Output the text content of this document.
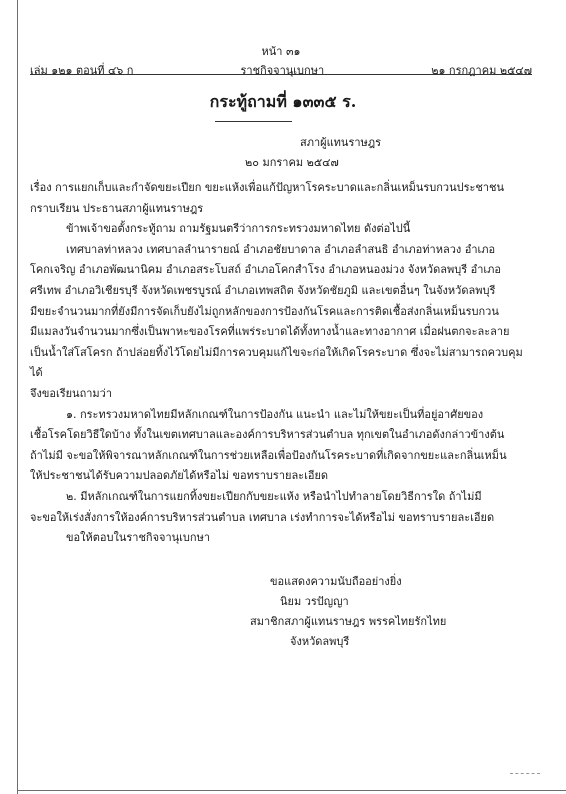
หน้า ๓๑
เล่ม ๑๒๑ ตอนที่ ๔๖ ก	ราชกิจจานุเบกษา	๒๑ กรกฎาคม ๒๕๔๗
กระทู้ถามที่ ๑๓๓๕ ร.
สภาผู้แทนราษฎร
๒๐ มกราคม ๒๕๔๗

เรื่อง การแยกเก็บและกำจัดขยะเปียก ขยะแห้งเพื่อแก้ปัญหาโรคระบาดและกลิ่นเหม็นรบกวนประชาชน

กราบเรียน ประธานสภาผู้แทนราษฎร

ข้าพเจ้าขอตั้งกระทู้ถาม ถามรัฐมนตรีว่าการกระทรวงมหาดไทย ดังต่อไปนี้

เทศบาลท่าหลวง เทศบาลลำนารายณ์ อำเภอชัยบาดาล อำเภอลำสนธิ อำเภอท่าหลวง อำเภอ

โคกเจริญ อำเภอพัฒนานิคม อำเภอสระโบสถ์ อำเภอโคกสำโรง อำเภอหนองม่วง จังหวัดลพบุรี อำเภอ

ศรีเทพ อำเภอวิเชียรบุรี จังหวัดเพชรบูรณ์ อำเภอเทพสถิต จังหวัดชัยภูมิ และเขตอื่นๆ ในจังหวัดลพบุรี

มีขยะจำนวนมากที่ยังมีการจัดเก็บยังไม่ถูกหลักของการป้องกันโรคและการติดเชื้อส่งกลิ่นเหม็นรบกวน

มีแมลงวันจำนวนมากซึ่งเป็นพาหะของโรคที่แพร่ระบาดได้ทั้งทางน้ำและทางอากาศ เมื่อฝนตกจะละลาย

เป็นน้ำใส่โสโครก ถ้าปล่อยทิ้งไว้โดยไม่มีการควบคุมแก้ไขจะก่อให้เกิดโรคระบาด ซึ่งจะไม่สามารถควบคุมได้

จึงขอเรียนถามว่า

๑. กระทรวงมหาดไทยมีหลักเกณฑ์ในการป้องกัน แนะนำ และไม่ให้ขยะเป็นที่อยู่อาศัยของ

เชื้อโรคโดยวิธีใดบ้าง ทั้งในเขตเทศบาลและองค์การบริหารส่วนตำบล ทุกเขตในอำเภอดังกล่าวข้างต้น

ถ้าไม่มี จะขอให้พิจารณาหลักเกณฑ์ในการช่วยเหลือเพื่อป้องกันโรคระบาดที่เกิดจากขยะและกลิ่นเหม็น

ให้ประชาชนได้รับความปลอดภัยได้หรือไม่ ขอทราบรายละเอียด

๒. มีหลักเกณฑ์ในการแยกทิ้งขยะเปียกกับขยะแห้ง หรือนำไปทำลายโดยวิธีการใด ถ้าไม่มี

จะขอให้เร่งสั่งการให้องค์การบริหารส่วนตำบล เทศบาล เร่งทำการจะได้หรือไม่ ขอทราบรายละเอียด

ขอให้ตอบในราชกิจจานุเบกษา

ขอแสดงความนับถืออย่างยิ่ง
นิยม วรปัญญา
สมาชิกสภาผู้แทนราษฎร พรรคไทยรักไทย
จังหวัดลพบุรี
